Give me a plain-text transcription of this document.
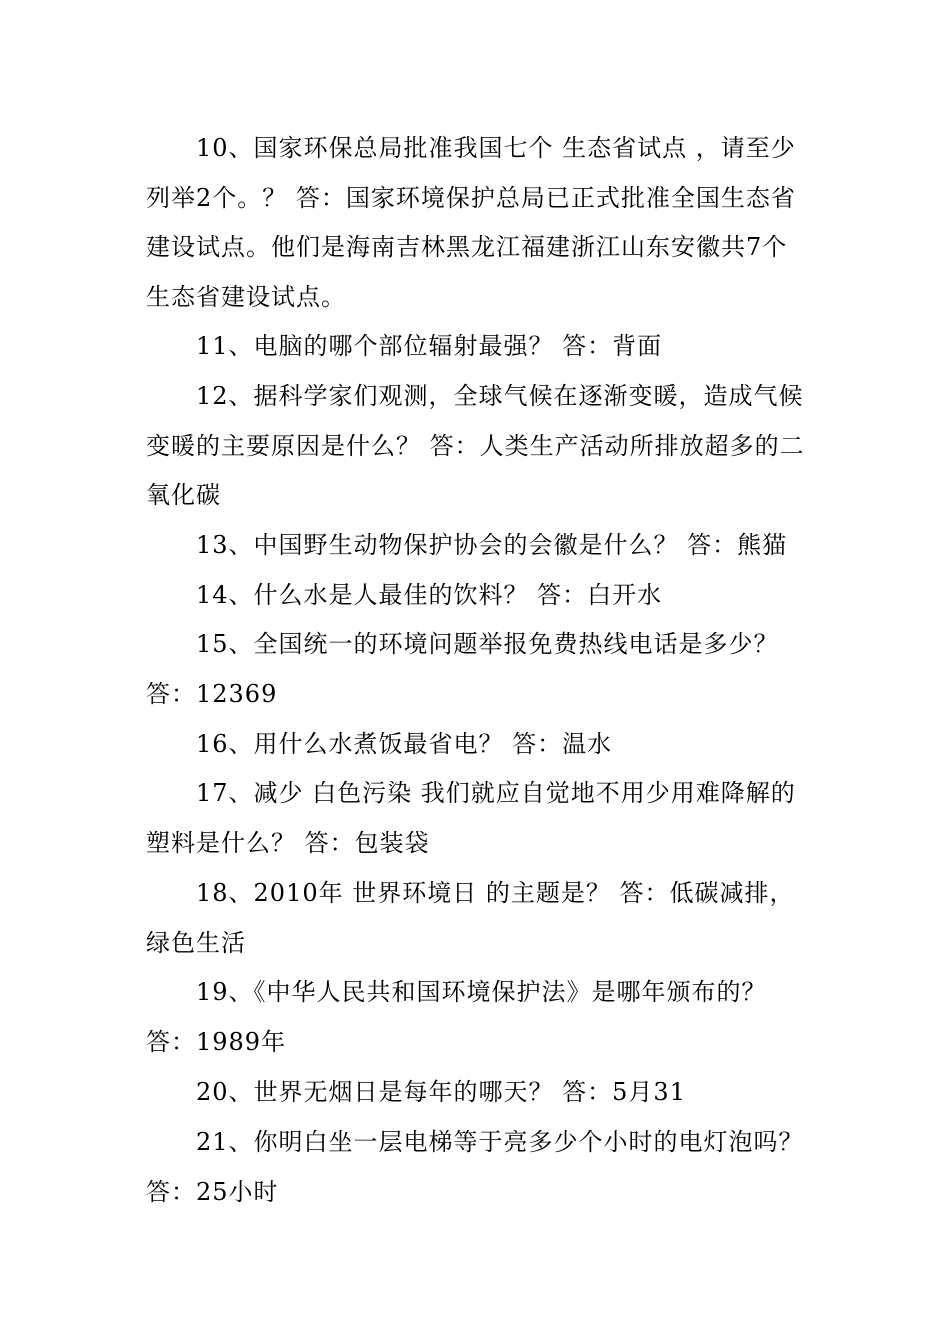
10、国家环保总局批准我国七个 生态省试点 ，请至少列举2个。？ 答：国家环境保护总局已正式批准全国生态省建设试点。他们是海南吉林黑龙江福建浙江山东安徽共7个生态省建设试点。

11、电脑的哪个部位辐射最强？ 答：背面

12、据科学家们观测，全球气候在逐渐变暖，造成气候变暖的主要原因是什么？ 答：人类生产活动所排放超多的二氧化碳

13、中国野生动物保护协会的会徽是什么？ 答：熊猫

14、什么水是人最佳的饮料？ 答：白开水

15、全国统一的环境问题举报免费热线电话是多少？答：12369

16、用什么水煮饭最省电？ 答：温水

17、减少 白色污染 我们就应自觉地不用少用难降解的塑料是什么？ 答：包装袋

18、2010年 世界环境日 的主题是？ 答：低碳减排，绿色生活

19、《中华人民共和国环境保护法》是哪年颁布的？ 答：1989年

20、世界无烟日是每年的哪天？ 答：5月31

21、你明白坐一层电梯等于亮多少个小时的电灯泡吗？答：25小时
